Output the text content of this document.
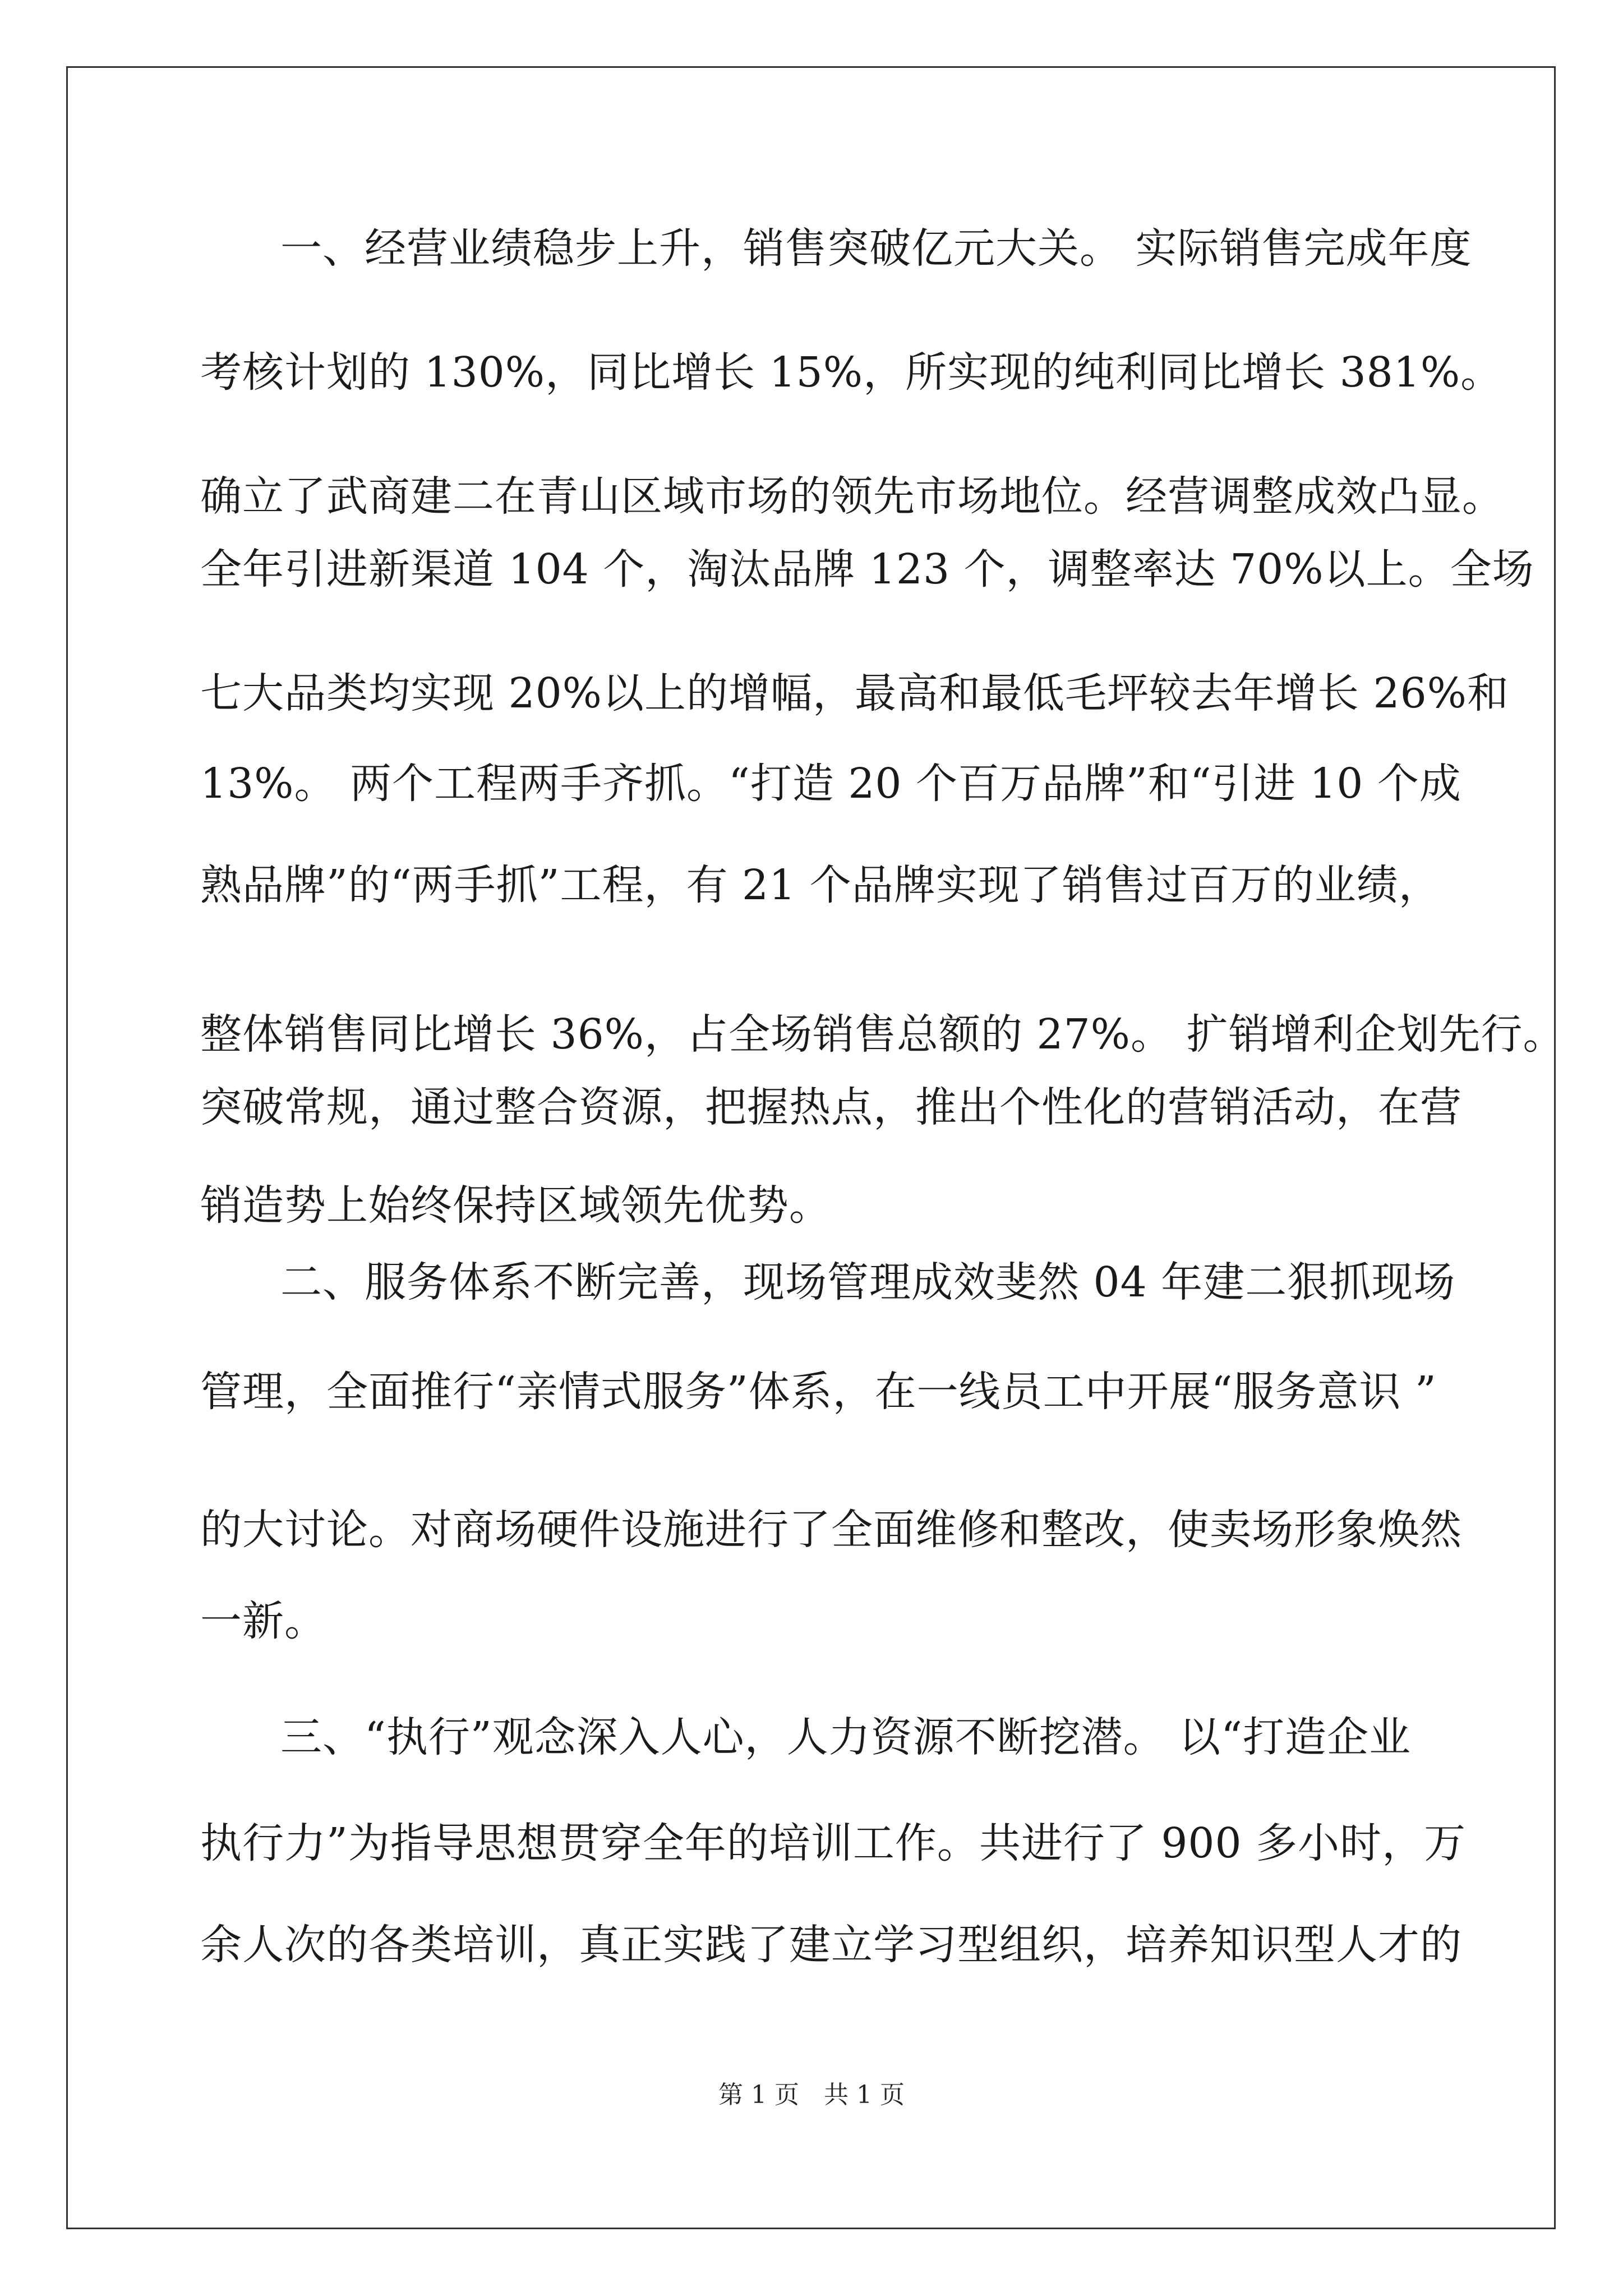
一、经营业绩稳步上升，销售突破亿元大关。 实际销售完成年度
考核计划的 130%，同比增长 15%，所实现的纯利同比增长 381%。
确立了武商建二在青山区域市场的领先市场地位。经营调整成效凸显。
全年引进新渠道 104 个，淘汰品牌 123 个，调整率达 70%以上。全场
七大品类均实现 20%以上的增幅，最高和最低毛坪较去年增长 26%和
13%。 两个工程两手齐抓。“打造 20 个百万品牌”和“引进 10 个成
熟品牌”的“两手抓”工程，有 21 个品牌实现了销售过百万的业绩，
整体销售同比增长 36%，占全场销售总额的 27%。 扩销增利企划先行。
突破常规，通过整合资源，把握热点，推出个性化的营销活动，在营
销造势上始终保持区域领先优势。
二、服务体系不断完善，现场管理成效斐然 04 年建二狠抓现场
管理，全面推行“亲情式服务”体系，在一线员工中开展“服务意识 ”
的大讨论。对商场硬件设施进行了全面维修和整改，使卖场形象焕然
一新。
三、“执行”观念深入人心，人力资源不断挖潜。 以“打造企业
执行力”为指导思想贯穿全年的培训工作。共进行了 900 多小时，万
余人次的各类培训，真正实践了建立学习型组织，培养知识型人才的
第 1 页　共 1 页
